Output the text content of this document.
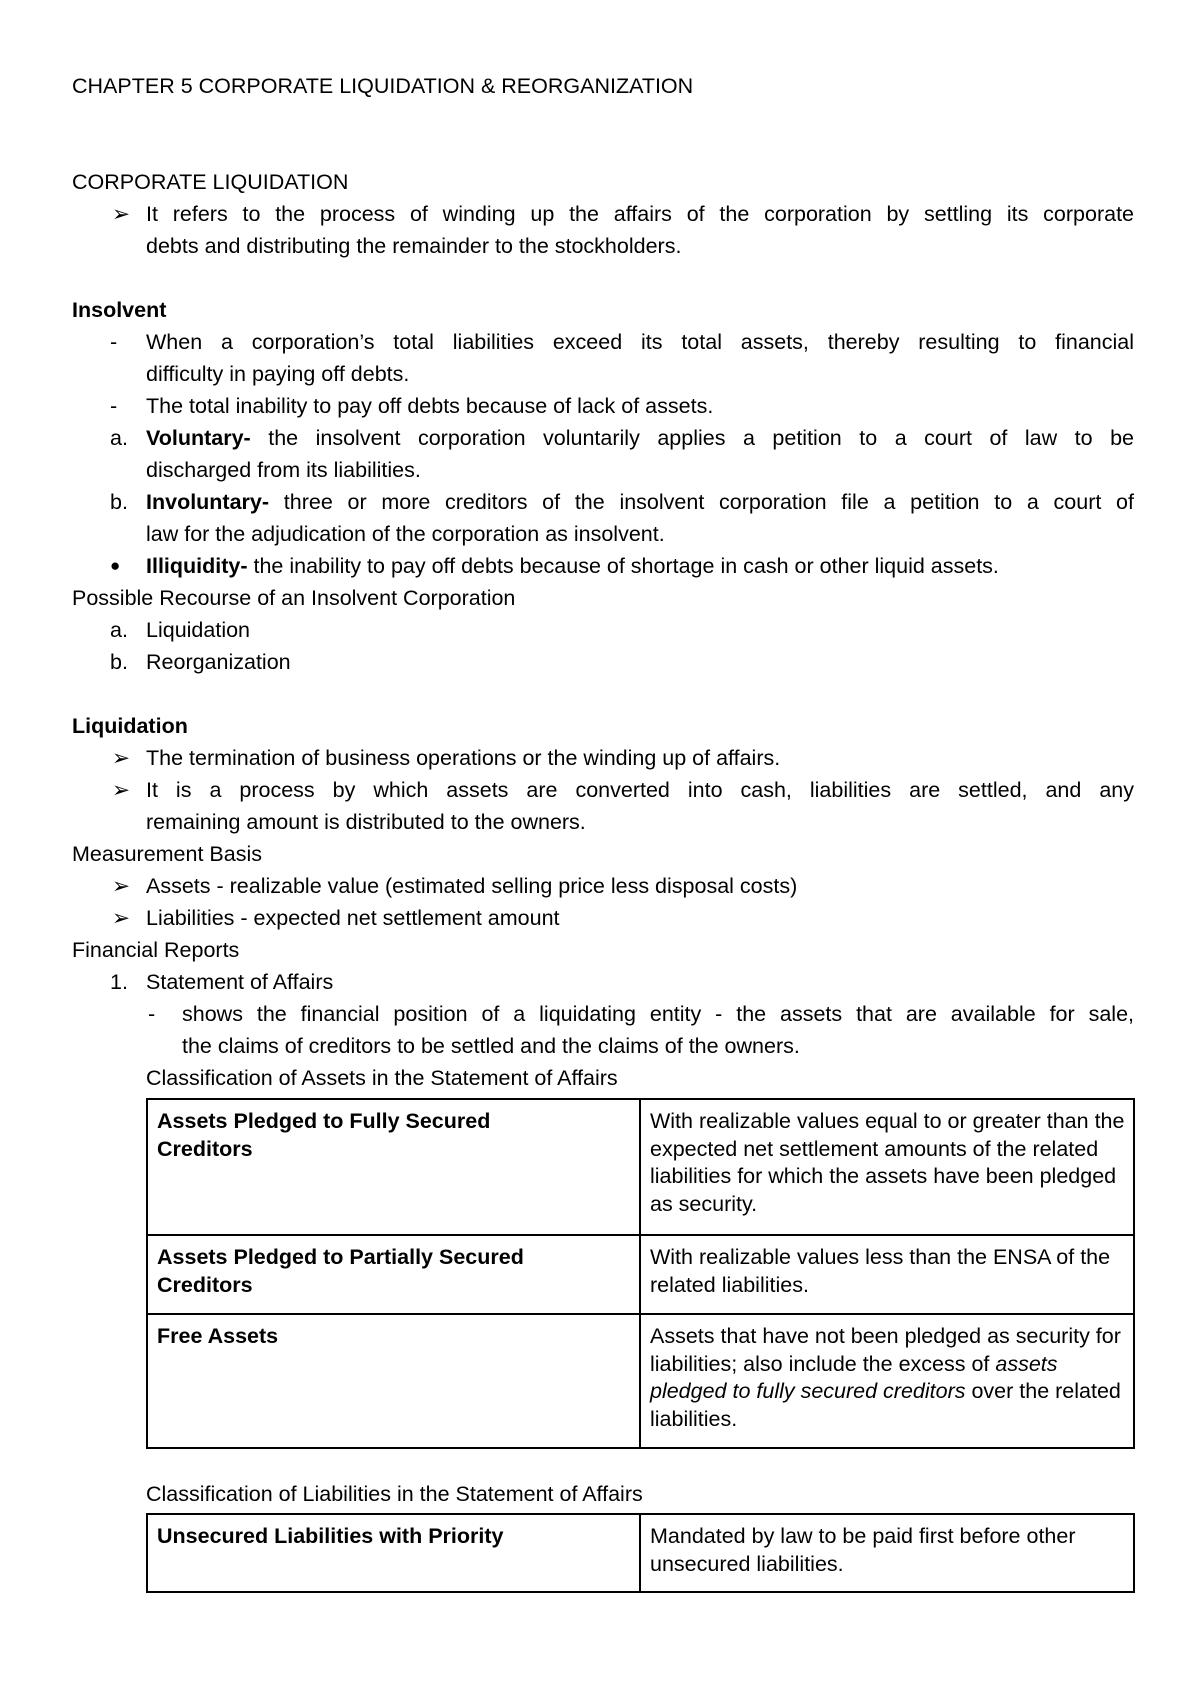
CHAPTER 5 CORPORATE LIQUIDATION & REORGANIZATION
CORPORATE LIQUIDATION
➢ It refers to the process of winding up the affairs of the corporation by settling its corporate
debts and distributing the remainder to the stockholders.
Insolvent
-	When a corporation’s total liabilities exceed its total assets, thereby resulting to financial
difficulty in paying off debts.
-	The total inability to pay off debts because of lack of assets.
a. Voluntary- the insolvent corporation voluntarily applies a petition to a court of law to be
discharged from its liabilities.
b. Involuntary- three or more creditors of the insolvent corporation file a petition to a court of
law for the adjudication of the corporation as insolvent.
●	Illiquidity- the inability to pay off debts because of shortage in cash or other liquid assets.
Possible Recourse of an Insolvent Corporation
a. Liquidation
b. Reorganization
Liquidation
➢ The termination of business operations or the winding up of affairs.
➢ It is a process by which assets are converted into cash, liabilities are settled, and any
remaining amount is distributed to the owners.
Measurement Basis
➢ Assets - realizable value (estimated selling price less disposal costs)
➢ Liabilities - expected net settlement amount
Financial Reports
1. Statement of Affairs
-	shows the financial position of a liquidating entity - the assets that are available for sale,
the claims of creditors to be settled and the claims of the owners.
Classification of Assets in the Statement of Affairs
Assets Pledged to Fully Secured
Creditors	With realizable values equal to or greater than the expected net settlement amounts of the related liabilities for which the assets have been pledged as security.

Assets Pledged to Partially Secured
Creditors	With realizable values less than the ENSA of the related liabilities.

Free Assets	Assets that have not been pledged as security for liabilities; also include the excess of assets pledged to fully secured creditors over the related liabilities.
Classification of Liabilities in the Statement of Affairs
Unsecured Liabilities with Priority	Mandated by law to be paid first before other unsecured liabilities.
